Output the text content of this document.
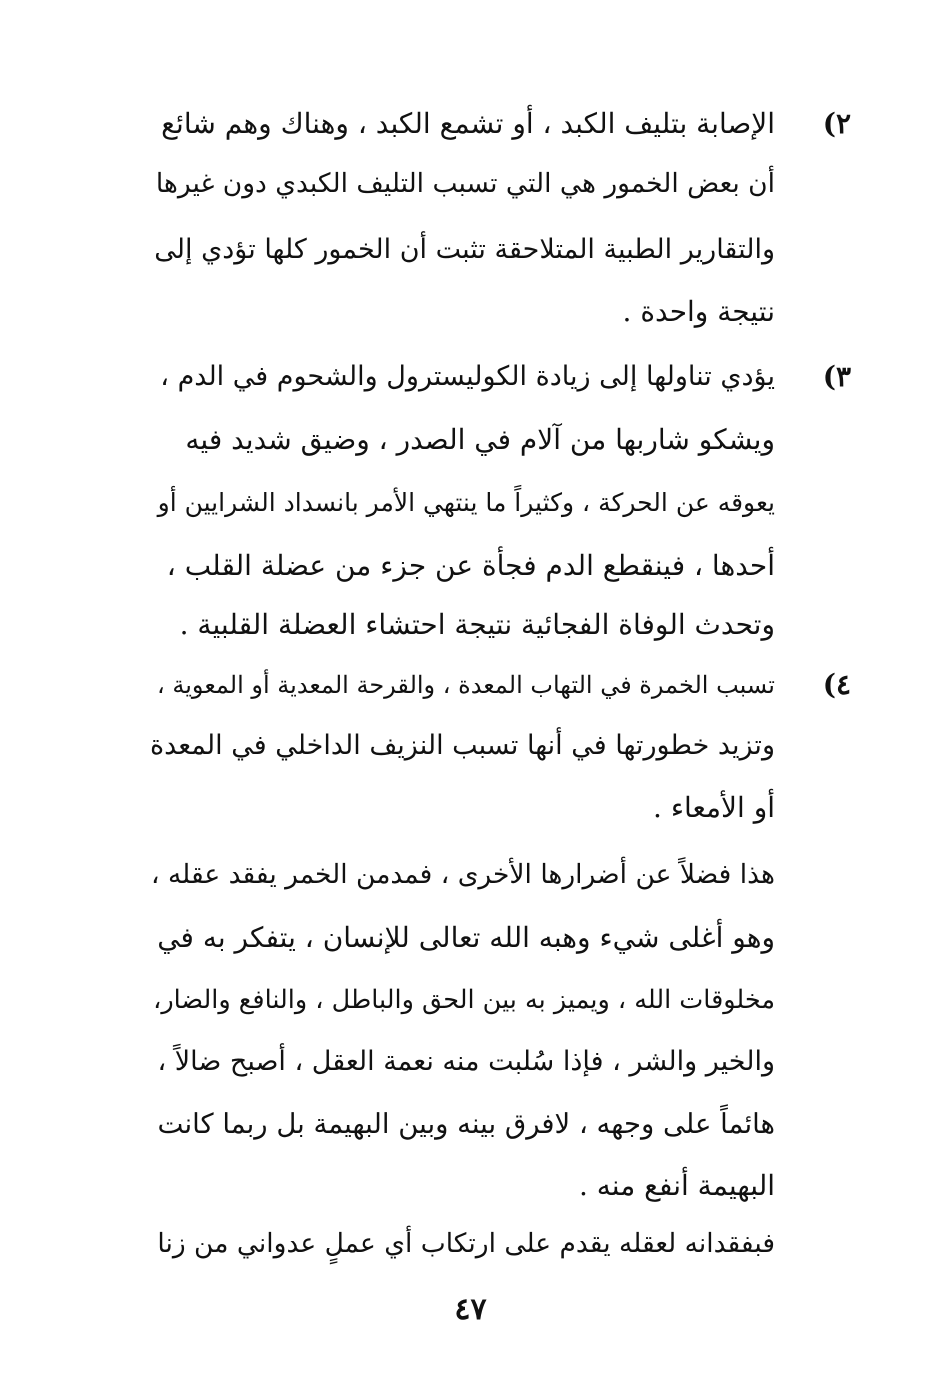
٢)
الإصابة بتليف الكبد ، أو تشمع الكبد ، وهناك وهم شائع
أن بعض الخمور هي التي تسبب التليف الكبدي دون غيرها
والتقارير الطبية المتلاحقة تثبت أن الخمور كلها تؤدي إلى
نتيجة واحدة .
٣)
يؤدي تناولها إلى زيادة الكوليسترول والشحوم في الدم ،
ويشكو شاربها من آلام في الصدر ، وضيق شديد فيه
يعوقه عن الحركة ، وكثيراً ما ينتهي الأمر بانسداد الشرايين أو
أحدها ، فينقطع الدم فجأة عن جزء من عضلة القلب ،
وتحدث الوفاة الفجائية نتيجة احتشاء العضلة القلبية .
٤)
تسبب الخمرة في التهاب المعدة ، والقرحة المعدية أو المعوية ،
وتزيد خطورتها في أنها تسبب النزيف الداخلي في المعدة
أو الأمعاء .
هذا فضلاً عن أضرارها الأخرى ، فمدمن الخمر يفقد عقله ،
وهو أغلى شيء وهبه الله تعالى للإنسان ، يتفكر به في
مخلوقات الله ، ويميز به بين الحق والباطل ، والنافع والضار،
والخير والشر ، فإذا سُلبت منه نعمة العقل ، أصبح ضالاً ،
هائماً على وجهه ، لافرق بينه وبين البهيمة بل ربما كانت
البهيمة أنفع منه .
فبفقدانه لعقله يقدم على ارتكاب أي عملٍ عدواني من زنا
٤٧
